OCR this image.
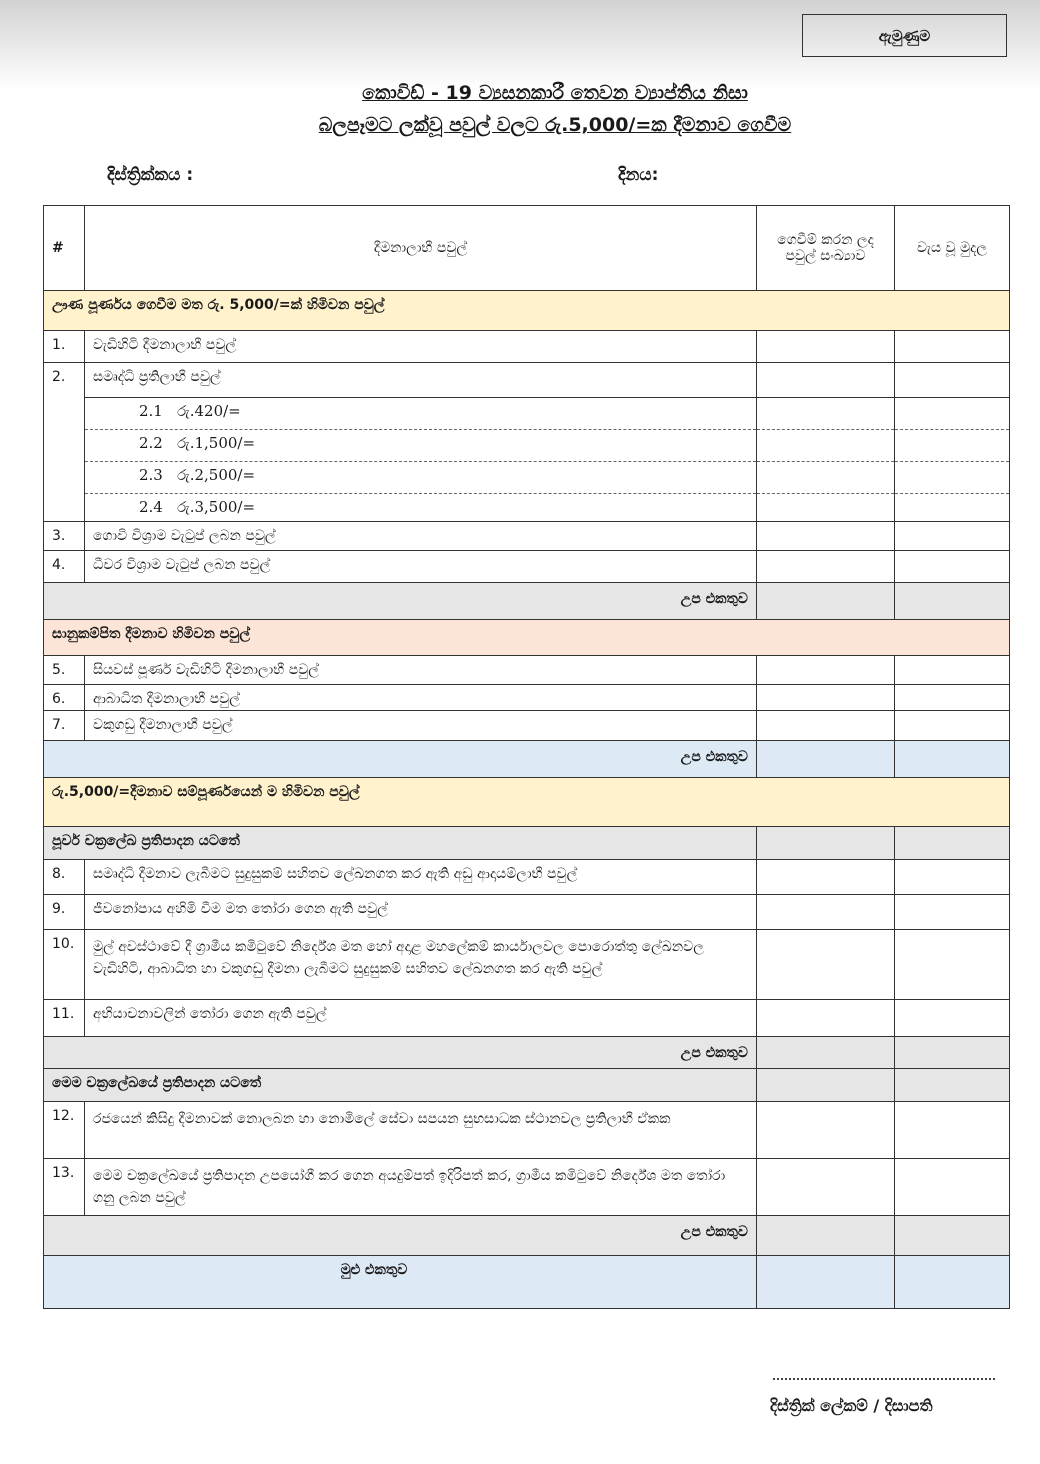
ඇමුණුම
කොවිඩ් - 19 ව්‍යසනකාරී තෙවන ව්‍යාප්තිය නිසා
බලපෑමට ලක්වූ පවුල් වලට රු.5,000/=ක දීමනාව ගෙවීම
දිස්ත්‍රික්කය :	දිනය:
#	දීමනාලාභී පවුල්	ගෙවීම් කරන ලද පවුල් සංඛ්‍යාව	වැය වූ මුදල
ඌණ පූර්ණය ගෙවීම මත රු. 5,000/=ක් හිමිවන පවුල්			
1.	වැඩිහිටි දීමනාලාභී පවුල්		
2.	සමෘද්ධි ප්‍රතිලාභී පවුල්		
	2.1 රු.420/=		
	2.2 රු.1,500/=		
	2.3 රු.2,500/=		
	2.4 රු.3,500/=		
3.	ගොවි විශ්‍රාම වැටුප් ලබන පවුල්		
4.	ධීවර විශ්‍රාම වැටුප් ලබන පවුල්		
උප එකතුව			
සානුකම්පිත දීමනාව හිමිවන පවුල්			
5.	සියවස් පූර්ණ වැඩිහිටි දීමනාලාභී පවුල්		
6.	ආබාධිත දීමනාලාභී පවුල්		
7.	වකුගඩු දීමනාලාභී පවුල්		
උප එකතුව			
රු.5,000/=දීමනාව සම්පූර්ණයෙන් ම හිමිවන පවුල්			
පූර්ව චක්‍රලේඛ ප්‍රතිපාදන යටතේ			
8.	සමෘද්ධි දීමනාව ලැබීමට සුදුසුකම් සහිතව ලේඛනගත කර ඇති අඩු ආදායම්ලාභී පවුල්		
9.	ජීවනෝපාය අහිමි වීම මත තෝරා ගෙන ඇති පවුල්		
10.	මුල් අවස්ථාවේ දී ග්‍රාමීය කමිටුවේ නිර්දේශ මත හෝ අදාළ මහලේකම් කාර්යාලවල පොරොත්තු ලේඛනවල වැඩිහිටි, ආබාධිත හා වකුගඩු දීමනා ලැබීමට සුදුසුකම් සහිතව ලේඛනගත කර ඇති පවුල්		
11.	අභියාචනාවලින් තෝරා ගෙන ඇති පවුල්		
උප එකතුව			
මෙම චක්‍රලේඛයේ ප්‍රතිපාදන යටතේ			
12.	රජයෙන් කිසිදු දීමනාවක් නොලබන හා නොමිලේ සේවා සපයන සුභසාධක ස්ථානවල ප්‍රතිලාභී ඒකක		
13.	මෙම චක්‍රලේඛයේ ප්‍රතිපාදන උපයෝගී කර ගෙන අයදුම්පත් ඉදිරිපත් කර, ග්‍රාමීය කමිටුවේ නිර්දේශ මත තෝරා ගනු ලබන පවුල්		
උප එකතුව			
මුළු එකතුව			
දිස්ත්‍රික් ලේකම් / දිසාපති
